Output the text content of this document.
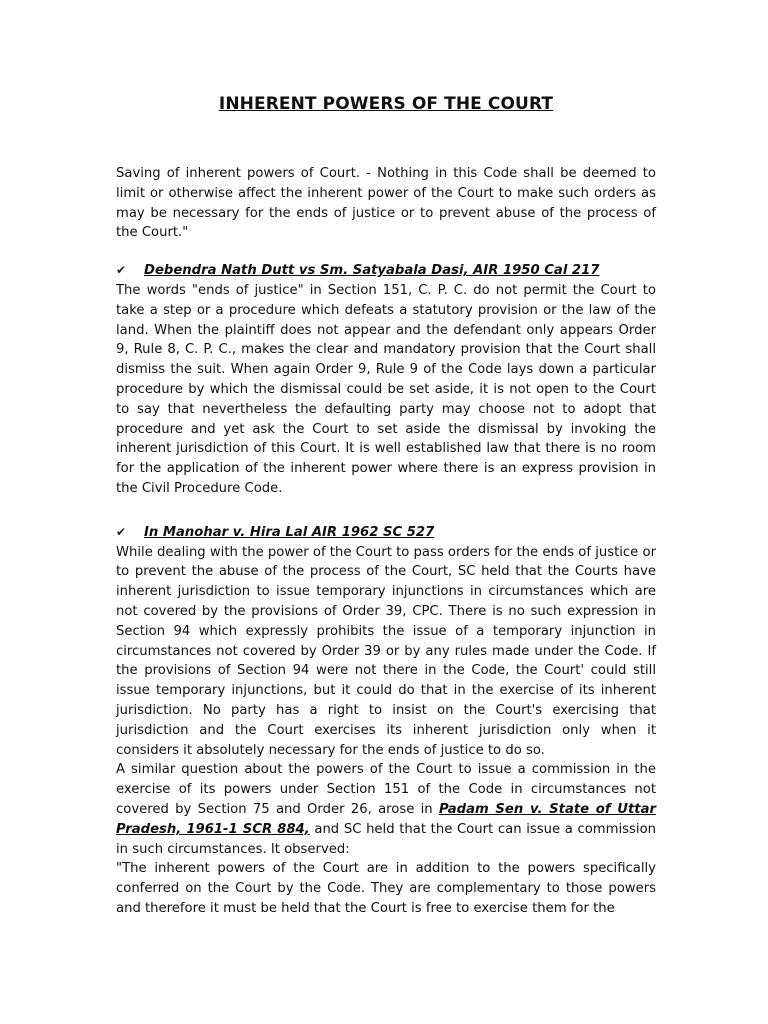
INHERENT POWERS OF THE COURT

Saving of inherent powers of Court. - Nothing in this Code shall be deemed to limit or otherwise affect the inherent power of the Court to make such orders as may be necessary for the ends of justice or to prevent abuse of the process of the Court."

✔	Debendra Nath Dutt vs Sm. Satyabala Dasi, AIR 1950 Cal 217

The words "ends of justice" in Section 151, C. P. C. do not permit the Court to take a step or a procedure which defeats a statutory provision or the law of the land. When the plaintiff does not appear and the defendant only appears Order 9, Rule 8, C. P. C., makes the clear and mandatory provision that the Court shall dismiss the suit. When again Order 9, Rule 9 of the Code lays down a particular procedure by which the dismissal could be set aside, it is not open to the Court to say that nevertheless the defaulting party may choose not to adopt that procedure and yet ask the Court to set aside the dismissal by invoking the inherent jurisdiction of this Court. It is well established law that there is no room for the application of the inherent power where there is an express provision in the Civil Procedure Code.

✔	In Manohar v. Hira Lal AIR 1962 SC 527

While dealing with the power of the Court to pass orders for the ends of justice or to prevent the abuse of the process of the Court, SC held that the Courts have inherent jurisdiction to issue temporary injunctions in circumstances which are not covered by the provisions of Order 39, CPC. There is no such expression in Section 94 which expressly prohibits the issue of a temporary injunction in circumstances not covered by Order 39 or by any rules made under the Code. If the provisions of Section 94 were not there in the Code, the Court' could still issue temporary injunctions, but it could do that in the exercise of its inherent jurisdiction. No party has a right to insist on the Court's exercising that jurisdiction and the Court exercises its inherent jurisdiction only when it considers it absolutely necessary for the ends of justice to do so.

A similar question about the powers of the Court to issue a commission in the exercise of its powers under Section 151 of the Code in circumstances not covered by Section 75 and Order 26, arose in Padam Sen v. State of Uttar Pradesh, 1961-1 SCR 884, and SC held that the Court can issue a commission in such circumstances. It observed:

"The inherent powers of the Court are in addition to the powers specifically conferred on the Court by the Code. They are complementary to those powers and therefore it must be held that the Court is free to exercise them for the
